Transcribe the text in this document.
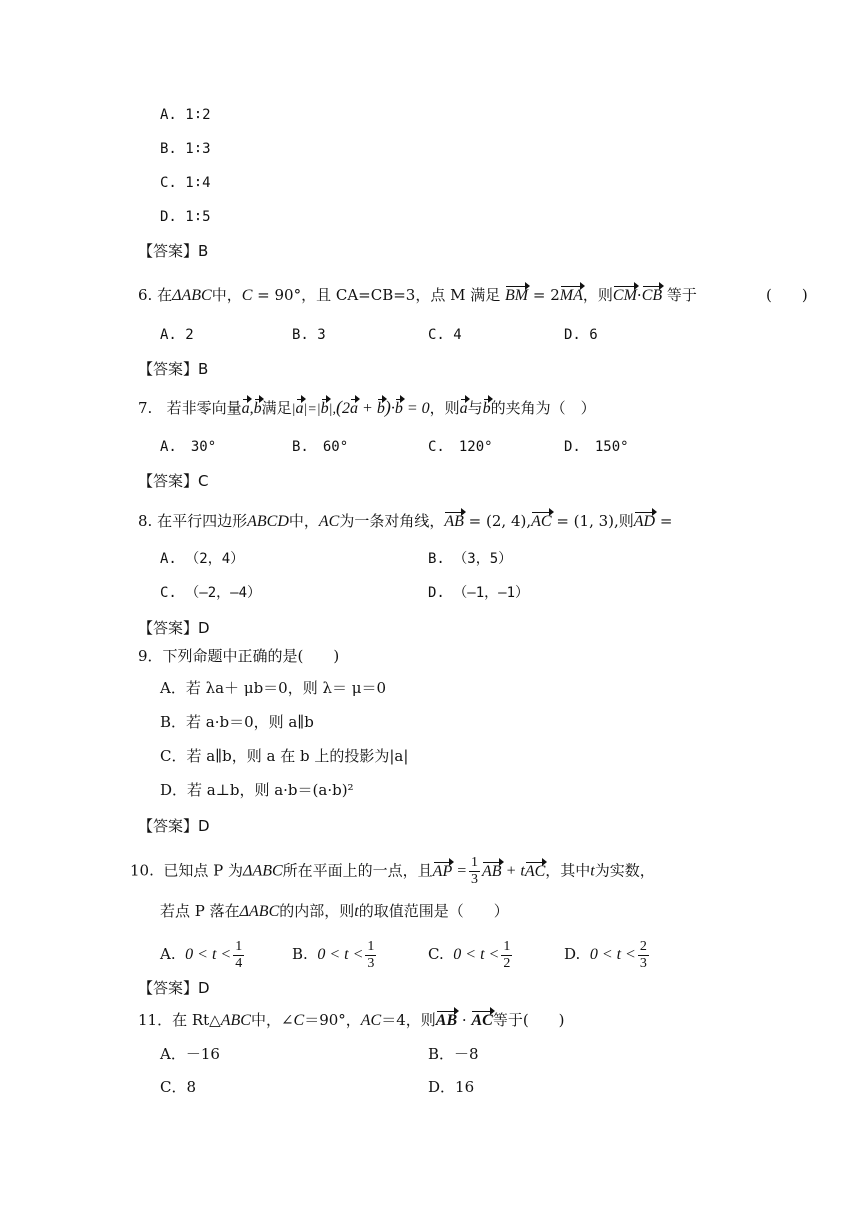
A. 1∶2
B. 1∶3
C. 1∶4
D. 1∶5
【答案】B
6. 在ΔABC中，C = 90°，且 CA=CB=3，点 M 满足 BM = 2MA，则CM·CB 等于	(　　)
A. 2	B. 3	C. 4	D. 6
【答案】B
7. 若非零向量a,b满足|a|=|b|,(2a + b)·b = 0，则a与b的夹角为（　）
A.　30°	B.　60°	C.　120°	D.　150°
【答案】C
8. 在平行四边形ABCD中，AC为一条对角线，AB = (2, 4),AC = (1, 3),则AD =
A. （2，4）	B. （3，5）
C. （—2，—4）	D. （—1，—1）
【答案】D
9．下列命题中正确的是(　　)
A．若 λa＋ μb＝0，则 λ＝ μ＝0
B．若 a·b＝0，则 a∥b
C．若 a∥b，则 a 在 b 上的投影为|a|
D．若 a⊥b，则 a·b＝(a·b)²
【答案】D
10. 已知点 P 为ΔABC所在平面上的一点，且AP = $\frac{1}{3}$ AB + tAC，其中t为实数，
若点 P 落在ΔABC的内部，则t的取值范围是（　　）
A. $0 < t < \frac{1}{4}$	B. $0 < t < \frac{1}{3}$	C. $0 < t < \frac{1}{2}$	D. $0 < t < \frac{2}{3}$
【答案】D
11．在 Rt△ABC中，∠C＝90°，AC＝4，则AB · AC等于(　　)
A．－16	B．－8
C．8	D．16
